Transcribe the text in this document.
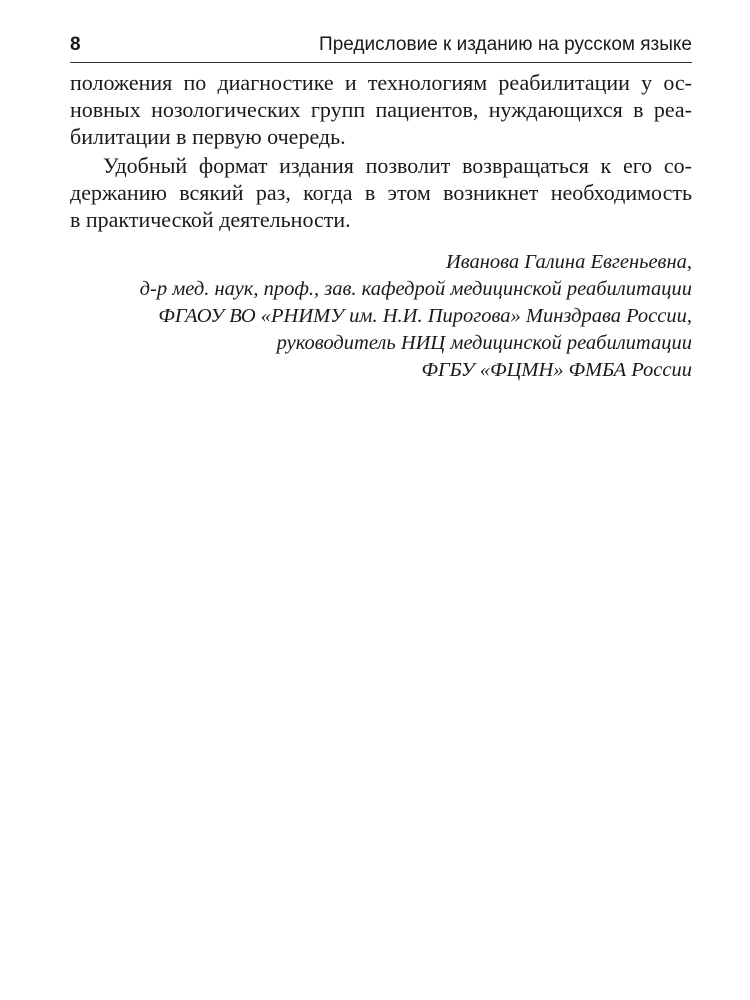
8	Предисловие к изданию на русском языке
положения по диагностике и технологиям реабилитации у ос-
новных нозологических групп пациентов, нуждающихся в реа-
билитации в первую очередь.
Удобный формат издания позволит возвращаться к его со-
держанию всякий раз, когда в этом возникнет необходимость
в практической деятельности.
Иванова Галина Евгеньевна,
д-р мед. наук, проф., зав. кафедрой медицинской реабилитации
ФГАОУ ВО «РНИМУ им. Н.И. Пирогова» Минздрава России,
руководитель НИЦ медицинской реабилитации
ФГБУ «ФЦМН» ФМБА России
